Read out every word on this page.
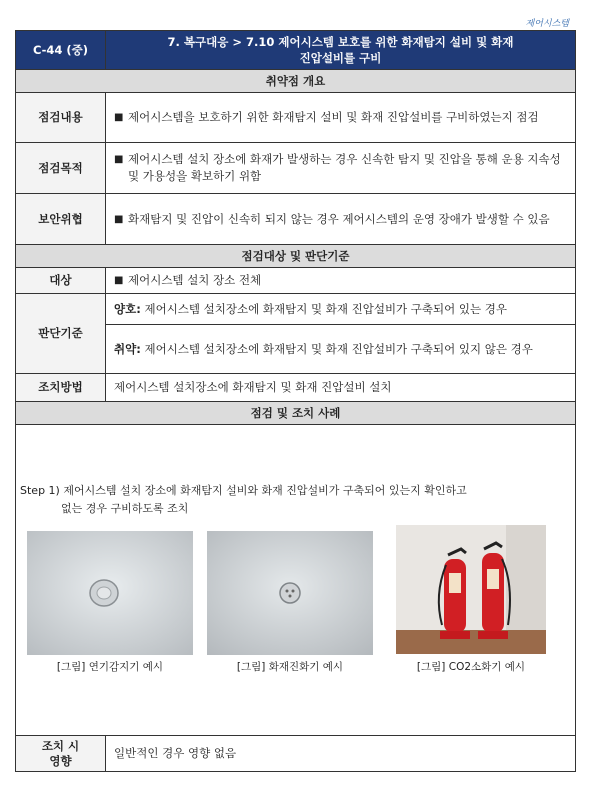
제어시스템
C-44 (중)	7. 복구대응 > 7.10 제어시스템 보호를 위한 화재탐지 설비 및 화재
진압설비를 구비

취약점 개요	
점검내용	■ 제어시스템을 보호하기 위한 화재탐지 설비 및 화재 진압설비를 구비하였는지 점검

점검목적	■ 제어시스템 설치 장소에 화재가 발생하는 경우 신속한 탐지 및 진압을 통해 운용 지속성 및 가용성을 확보하기 위함

보안위협	■ 화재탐지 및 진압이 신속히 되지 않는 경우 제어시스템의 운영 장애가 발생할 수 있음

점검대상 및 판단기준	
대상	■ 제어시스템 설치 장소 전체

판단기준	양호: 제어시스템 설치장소에 화재탐지 및 화재 진압설비가 구축되어 있는 경우
	취약: 제어시스템 설치장소에 화재탐지 및 화재 진압설비가 구축되어 있지 않은 경우
조치방법	제어시스템 설치장소에 화재탐지 및 화재 진압설비 설치
점검 및 조치 사례	

Step 1) 제어시스템 설치 장소에 화재탐지 설비와 화재 진압설비가 구축되어 있는지 확인하고
없는 경우 구비하도록 조치
[그림] 연기감지기 예시 [그림] 화재진화기 예시 [그림] CO2소화기 예시	

조치 시
영향	일반적인 경우 영향 없음
